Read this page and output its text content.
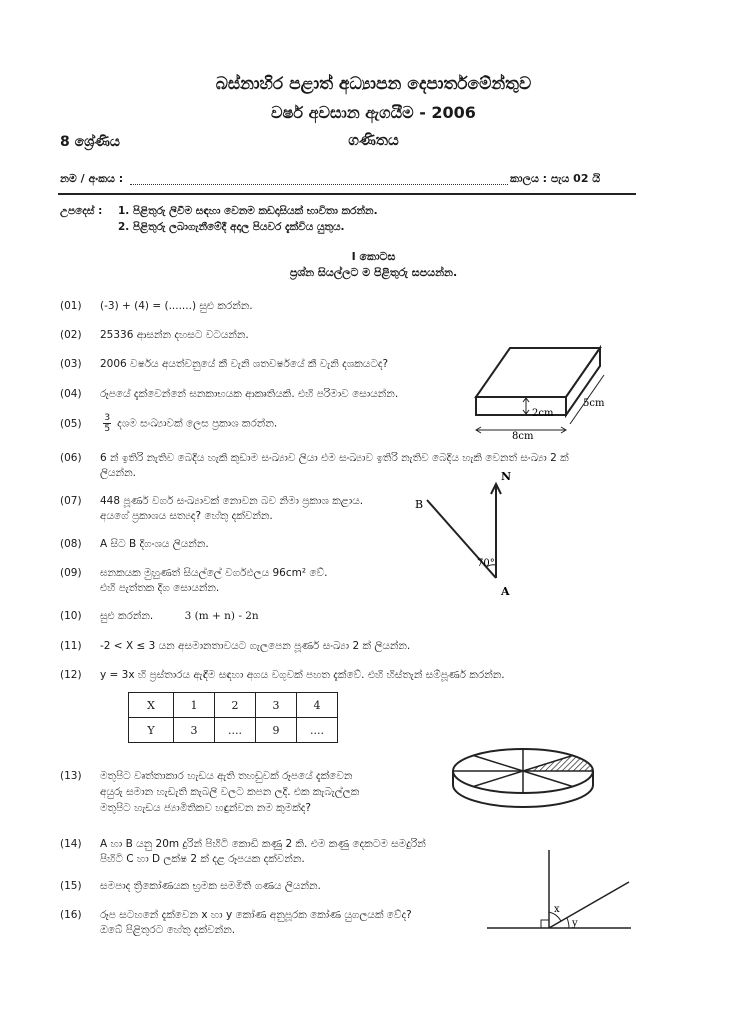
බස්නාහිර පළාත් අධ්‍යාපන දෙපාර්තමේන්තුව
වර්ෂ අවසාන ඇගයීම - 2006
8 ශ්‍රේණිය	ගණිතය
නම / අංකය :	කාලය : පැය 02 යි
උපදෙස් : 1. පිළිතුරු ලිවීම සඳහා වෙනම කඩදාසියක් භාවිතා කරන්න.
2. පිළිතුරු ලබාගැනීමේදී අදාල පියවර දැක්විය යුතුය.
I කොටස
ප්‍රශ්න සියල්ලට ම පිළිතුරු සපයන්න.
(01) (-3) + (4) = (.......) සුළු කරන්න.
(02) 25336 ආසන්න දහසට වටයන්න.
(03) 2006 වර්ෂය අයත්වනුයේ කී වැනි ශතවර්ෂයේ කී වැනි දශකයටද?
(04) රූපයේ දැක්වෙන්නේ ඝනකාභයක ආකෘතියකි. එහි පරිමාව සොයන්න.
$(05) \frac{3}{5}$ දශම සංඛ්‍යාවක් ලෙස ප්‍රකාශ කරන්න.
(06) 6 න් ඉතිරි නැතිව බෙදිය හැකි කුඩාම සංඛ්‍යාව ලියා එම සංඛ්‍යාව ඉතිරි නැතිව බෙදිය හැකි වෙනත් සංඛ්‍යා 2 ක්
ලියන්න.
(07) 448 පූර්ණ වර්ග සංඛ්‍යාවක් නොවන බව නිමා ප්‍රකාශ කළාය.
අයගේ ප්‍රකාශය සත්‍යද? හේතු දක්වන්න.
(08) A සිට B දිගංශය ලියන්න.
(09) ඝනකයක මුහුණත් සියල්ලේ වර්ගඵලය 96cm² වේ.
එහි පැත්තක දිග සොයන්න.
(10) සුළු කරන්න.	3 (m + n) - 2n
(11) -2 < X ≤ 3 යන අසමානතාවයට ගැලපෙන පූර්ණ සංඛ්‍යා 2 ක් ලියන්න.
(12) y = 3x හි ප්‍රස්තාරය ඇඳීම සඳහා අගය වගුවක් පහත දැක්වේ. එහි හිස්තැන් සම්පූර්ණ කරන්න.
X	1	2	3	4
Y	3	....	9	....
(13) මතුපිට වෘත්තාකාර හැඩය ඇති තහඩුවක් රූපයේ දැක්වෙන
අයුරු සමාන හැඩැති කැබලි වලට කපන ලදි. එක කැබැල්ලක
මතුපිට හැඩය ජ්‍යාමිතිකව හඳුන්වන නම කුමක්ද?
(14) A හා B යනු 20m දුරින් පිහිටි කොඩි කණු 2 කි. එම කණු දෙකටම සමදුරින්
පිහිටි C හා D ලක්ෂ 2 ක් දළ රූපයක දක්වන්න.
(15) සමපාද ත්‍රිකෝණයක භ්‍රමක සමමිති ගණය ලියන්න.
(16) රූප සටහනේ දැක්වෙන x හා y කෝණ අනුපූරක කෝණ යුගලයක් වේද?
ඔබේ පිළිතුරට හේතු දක්වන්න.
2cm
8cm
5cm
N
B
A
70°
x
y
